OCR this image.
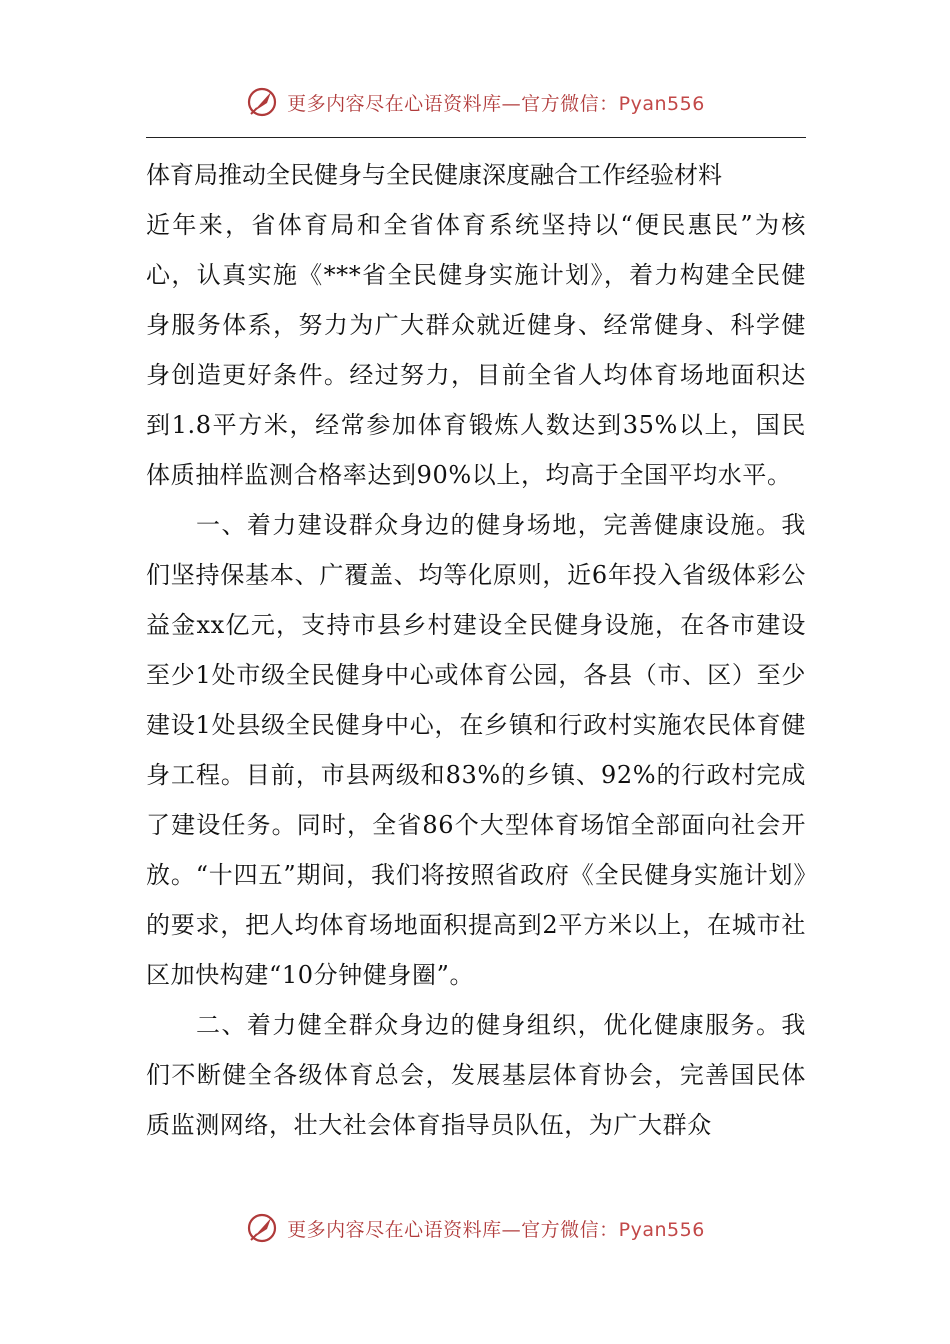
更多内容尽在心语资料库—官方微信：Pyan556
体育局推动全民健身与全民健康深度融合工作经验材料

近年来，省体育局和全省体育系统坚持以“便民惠民”为核心，认真实施《***省全民健身实施计划》，着力构建全民健身服务体系，努力为广大群众就近健身、经常健身、科学健身创造更好条件。经过努力，目前全省人均体育场地面积达到1.8平方米，经常参加体育锻炼人数达到35%以上，国民体质抽样监测合格率达到90%以上，均高于全国平均水平。

一、着力建设群众身边的健身场地，完善健康设施。我们坚持保基本、广覆盖、均等化原则，近6年投入省级体彩公益金xx亿元，支持市县乡村建设全民健身设施，在各市建设至少1处市级全民健身中心或体育公园，各县（市、区）至少建设1处县级全民健身中心，在乡镇和行政村实施农民体育健身工程。目前，市县两级和83%的乡镇、92%的行政村完成了建设任务。同时，全省86个大型体育场馆全部面向社会开放。“十四五”期间，我们将按照省政府《全民健身实施计划》的要求，把人均体育场地面积提高到2平方米以上，在城市社区加快构建“10分钟健身圈”。

二、着力健全群众身边的健身组织，优化健康服务。我们不断健全各级体育总会，发展基层体育协会，完善国民体质监测网络，壮大社会体育指导员队伍，为广大群众

更多内容尽在心语资料库—官方微信：Pyan556
